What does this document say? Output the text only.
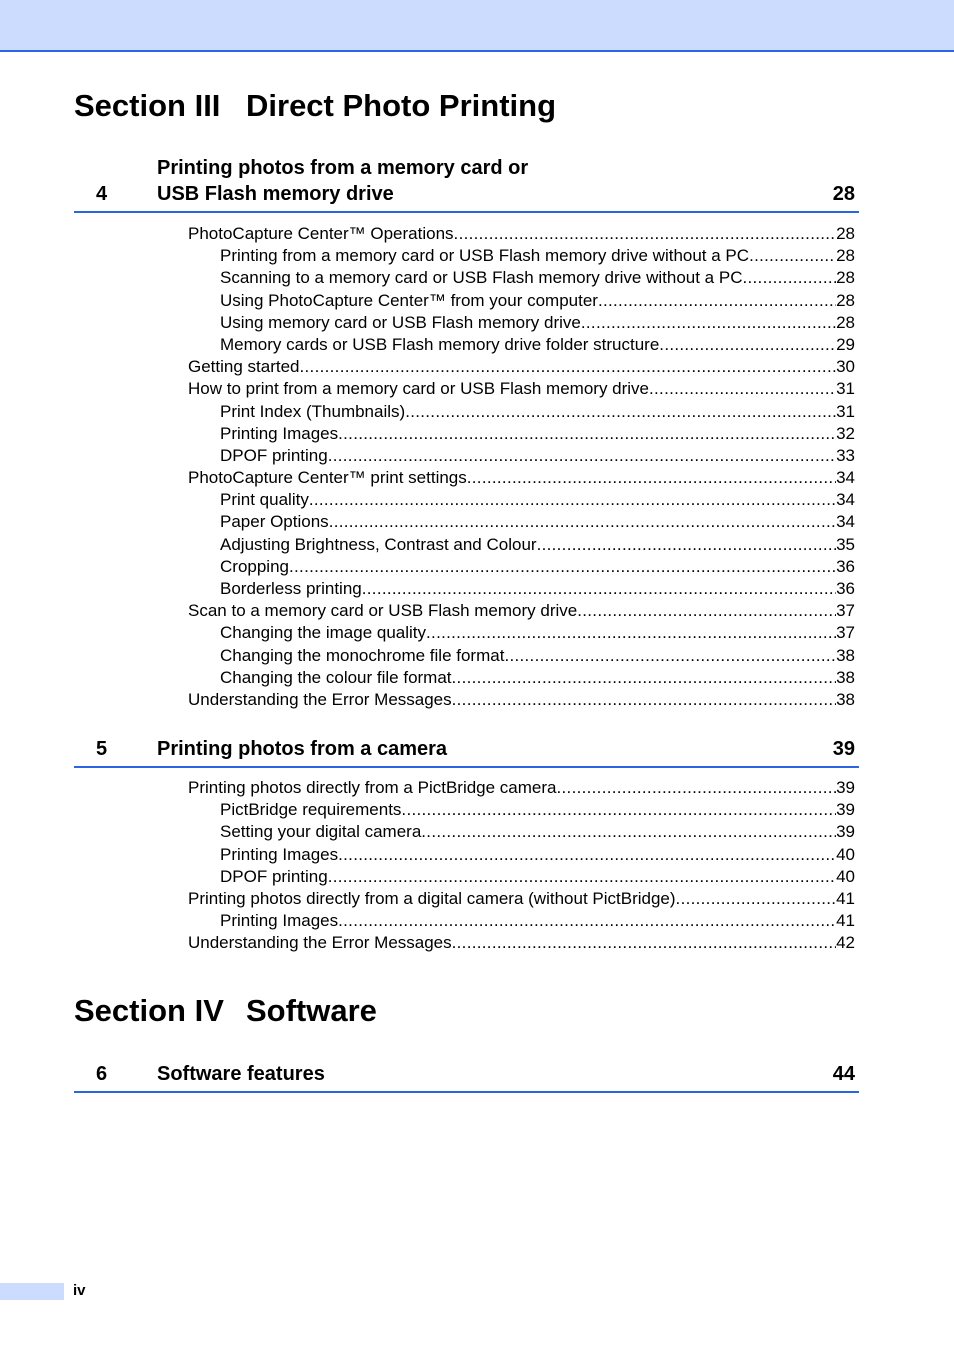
Section III Direct Photo Printing
4
Printing photos from a memory card or
USB Flash memory drive	28
PhotoCapture Center™ Operations .....	28
Printing from a memory card or USB Flash memory drive without a PC .....	28
Scanning to a memory card or USB Flash memory drive without a PC .....	28
Using PhotoCapture Center™ from your computer .....	28
Using memory card or USB Flash memory drive .....	28
Memory cards or USB Flash memory drive folder structure .....	29
Getting started .....	30
How to print from a memory card or USB Flash memory drive .....	31
Print Index (Thumbnails) .....	31
Printing Images .....	32
DPOF printing .....	33
PhotoCapture Center™ print settings .....	34
Print quality .....	34
Paper Options .....	34
Adjusting Brightness, Contrast and Colour .....	35
Cropping .....	36
Borderless printing .....	36
Scan to a memory card or USB Flash memory drive .....	37
Changing the image quality .....	37
Changing the monochrome file format .....	38
Changing the colour file format .....	38
Understanding the Error Messages .....	38
5 Printing photos from a camera	39
Printing photos directly from a PictBridge camera .....	39
PictBridge requirements .....	39
Setting your digital camera .....	39
Printing Images .....	40
DPOF printing .....	40
Printing photos directly from a digital camera (without PictBridge) .....	41
Printing Images .....	41
Understanding the Error Messages .....	42
Section IV Software
6 Software features	44
iv
